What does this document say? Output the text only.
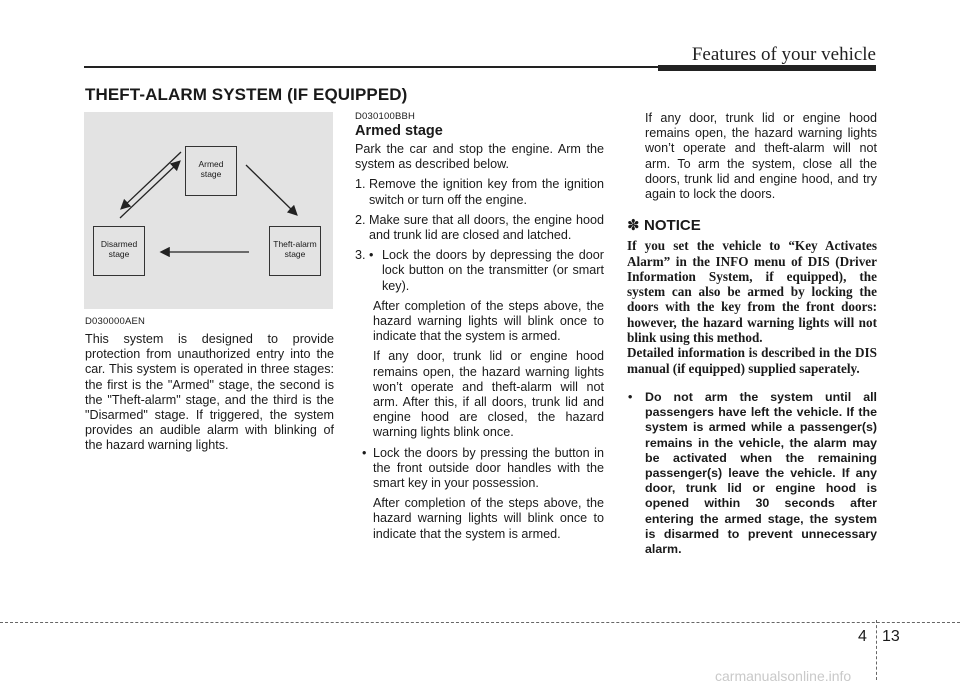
Features of your vehicle
THEFT-ALARM SYSTEM (IF EQUIPPED)
Armed
stage
Disarmed
stage
Theft-alarm
stage
D030000AEN
This system is designed to provide protection from unauthorized entry into the car. This system is operated in three stages: the first is the "Armed" stage, the second is the "Theft-alarm" stage, and the third is the "Disarmed" stage. If triggered, the system provides an audible alarm with blinking of the hazard warning lights.
D030100BBH
Armed stage
Park the car and stop the engine. Arm the system as described below.
1. Remove the ignition key from the ignition switch or turn off the engine.
2. Make sure that all doors, the engine hood and trunk lid are closed and latched.
3. • Lock the doors by depressing the door lock button on the transmitter (or smart key).
After completion of the steps above, the hazard warning lights will blink once to indicate that the system is armed.
If any door, trunk lid or engine hood remains open, the hazard warning lights won’t operate and theft-alarm will not arm. After this, if all doors, trunk lid and engine hood are closed, the hazard warning lights blink once.
• Lock the doors by pressing the button in the front outside door handles with the smart key in your possession.
After completion of the steps above, the hazard warning lights will blink once to indicate that the system is armed.
If any door, trunk lid or engine hood remains open, the hazard warning lights won’t operate and theft-alarm will not arm. To arm the system, close all the doors, trunk lid and engine hood, and try again to lock the doors.
✽ NOTICE
If you set the vehicle to “Key Activates Alarm” in the INFO menu of DIS (Driver Information System, if equipped), the system can also be armed by locking the doors with the key from the front doors: however, the hazard warning lights will not blink using this method.
Detailed information is described in the DIS manual (if equipped) supplied saperately.
• Do not arm the system until all passengers have left the vehicle. If the system is armed while a passenger(s) remains in the vehicle, the alarm may be activated when the remaining passenger(s) leave the vehicle. If any door, trunk lid or engine hood is opened within 30 seconds after entering the armed stage, the system is disarmed to prevent unnecessary alarm.
4 13
carmanualsonline.info
